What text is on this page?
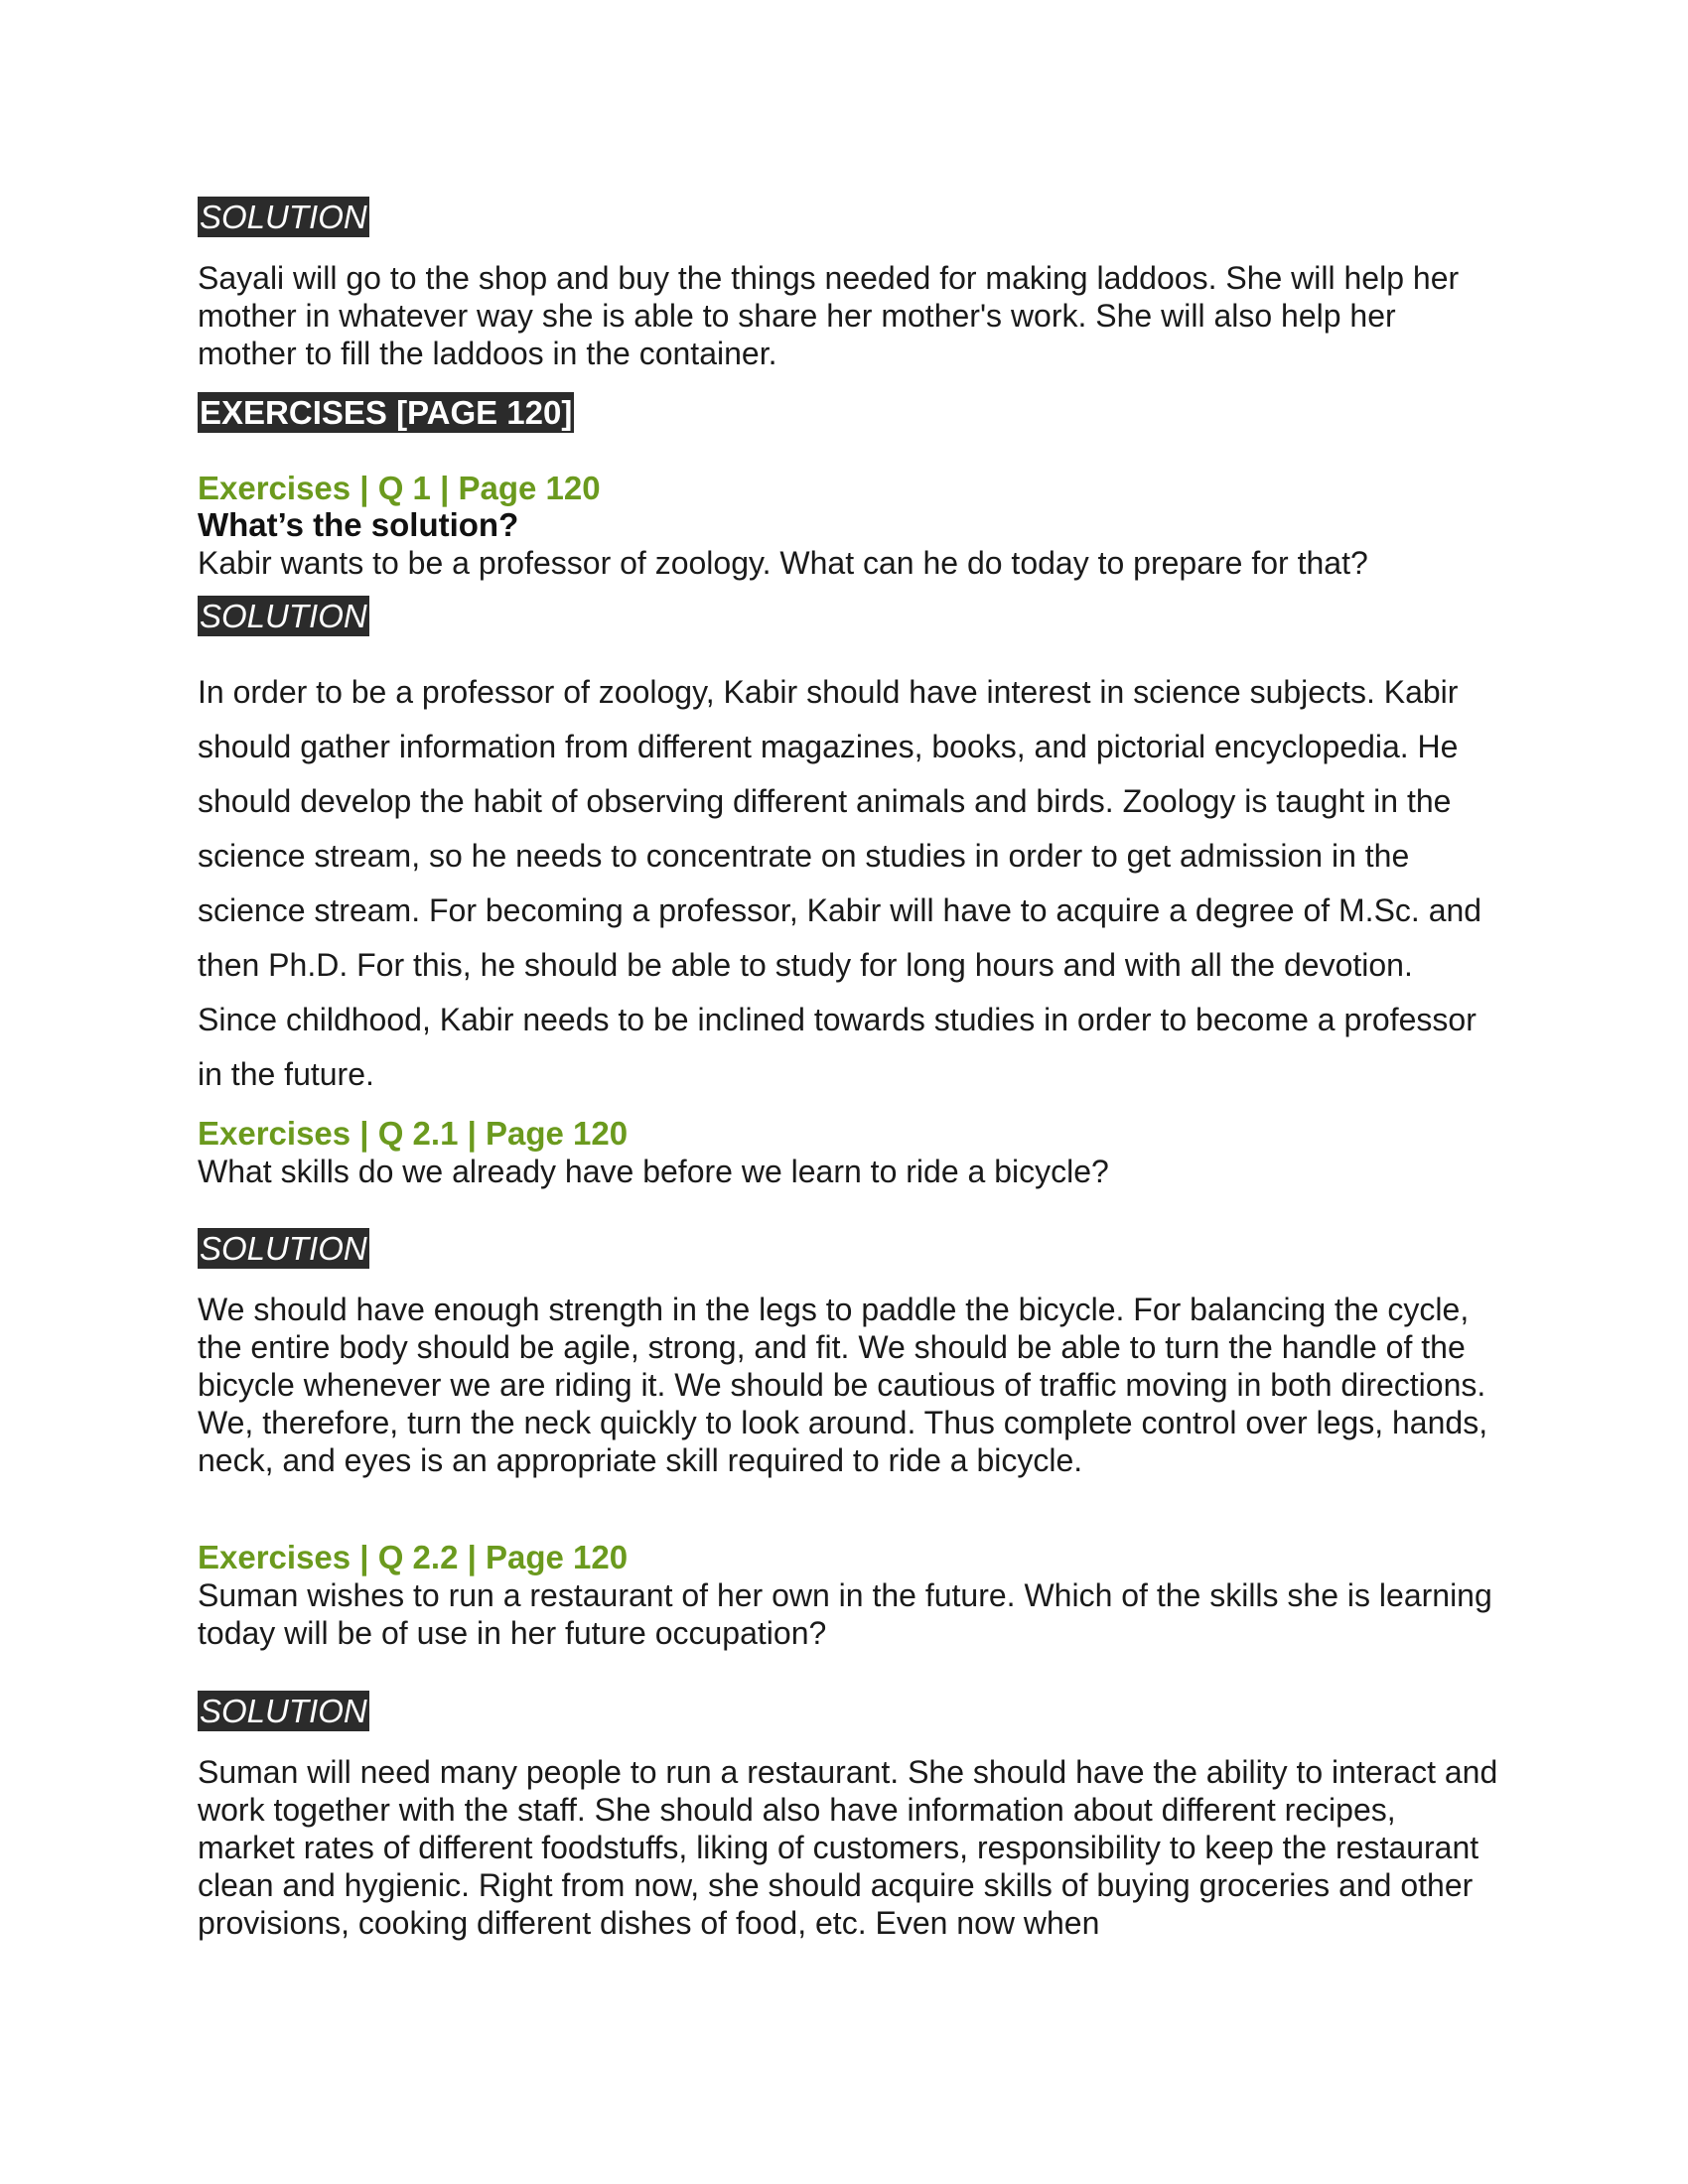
SOLUTION

Sayali will go to the shop and buy the things needed for making laddoos. She will help her mother in whatever way she is able to share her mother's work. She will also help her mother to fill the laddoos in the container.

EXERCISES [PAGE 120]
Exercises | Q 1 | Page 120
What’s the solution?

Kabir wants to be a professor of zoology. What can he do today to prepare for that?

SOLUTION

In order to be a professor of zoology, Kabir should have interest in science subjects. Kabir should gather information from different magazines, books, and pictorial encyclopedia. He should develop the habit of observing different animals and birds. Zoology is taught in the science stream, so he needs to concentrate on studies in order to get admission in the science stream. For becoming a professor, Kabir will have to acquire a degree of M.Sc. and then Ph.D. For this, he should be able to study for long hours and with all the devotion. Since childhood, Kabir needs to be inclined towards studies in order to become a professor in the future.

Exercises | Q 2.1 | Page 120

What skills do we already have before we learn to ride a bicycle?

SOLUTION

We should have enough strength in the legs to paddle the bicycle. For balancing the cycle, the entire body should be agile, strong, and fit. We should be able to turn the handle of the bicycle whenever we are riding it. We should be cautious of traffic moving in both directions. We, therefore, turn the neck quickly to look around. Thus complete control over legs, hands, neck, and eyes is an appropriate skill required to ride a bicycle.

Exercises | Q 2.2 | Page 120

Suman wishes to run a restaurant of her own in the future. Which of the skills she is learning today will be of use in her future occupation?

SOLUTION

Suman will need many people to run a restaurant. She should have the ability to interact and work together with the staff. She should also have information about different recipes, market rates of different foodstuffs, liking of customers, responsibility to keep the restaurant clean and hygienic. Right from now, she should acquire skills of buying groceries and other provisions, cooking different dishes of food, etc. Even now when
